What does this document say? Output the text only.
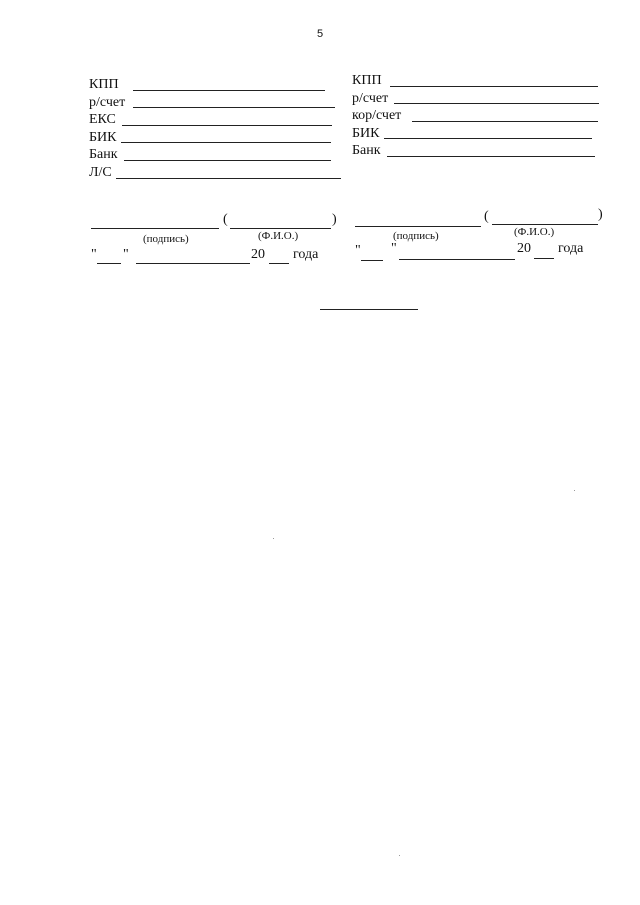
5
КПП
р/счет
ЕКС
БИК
Банк
Л/С
КПП
р/счет
кор/счет
БИК
Банк
(	)
(подпись)	(Ф.И.О.)
" "	20 года
(	)
(подпись)	(Ф.И.О.)
" "	20 года
